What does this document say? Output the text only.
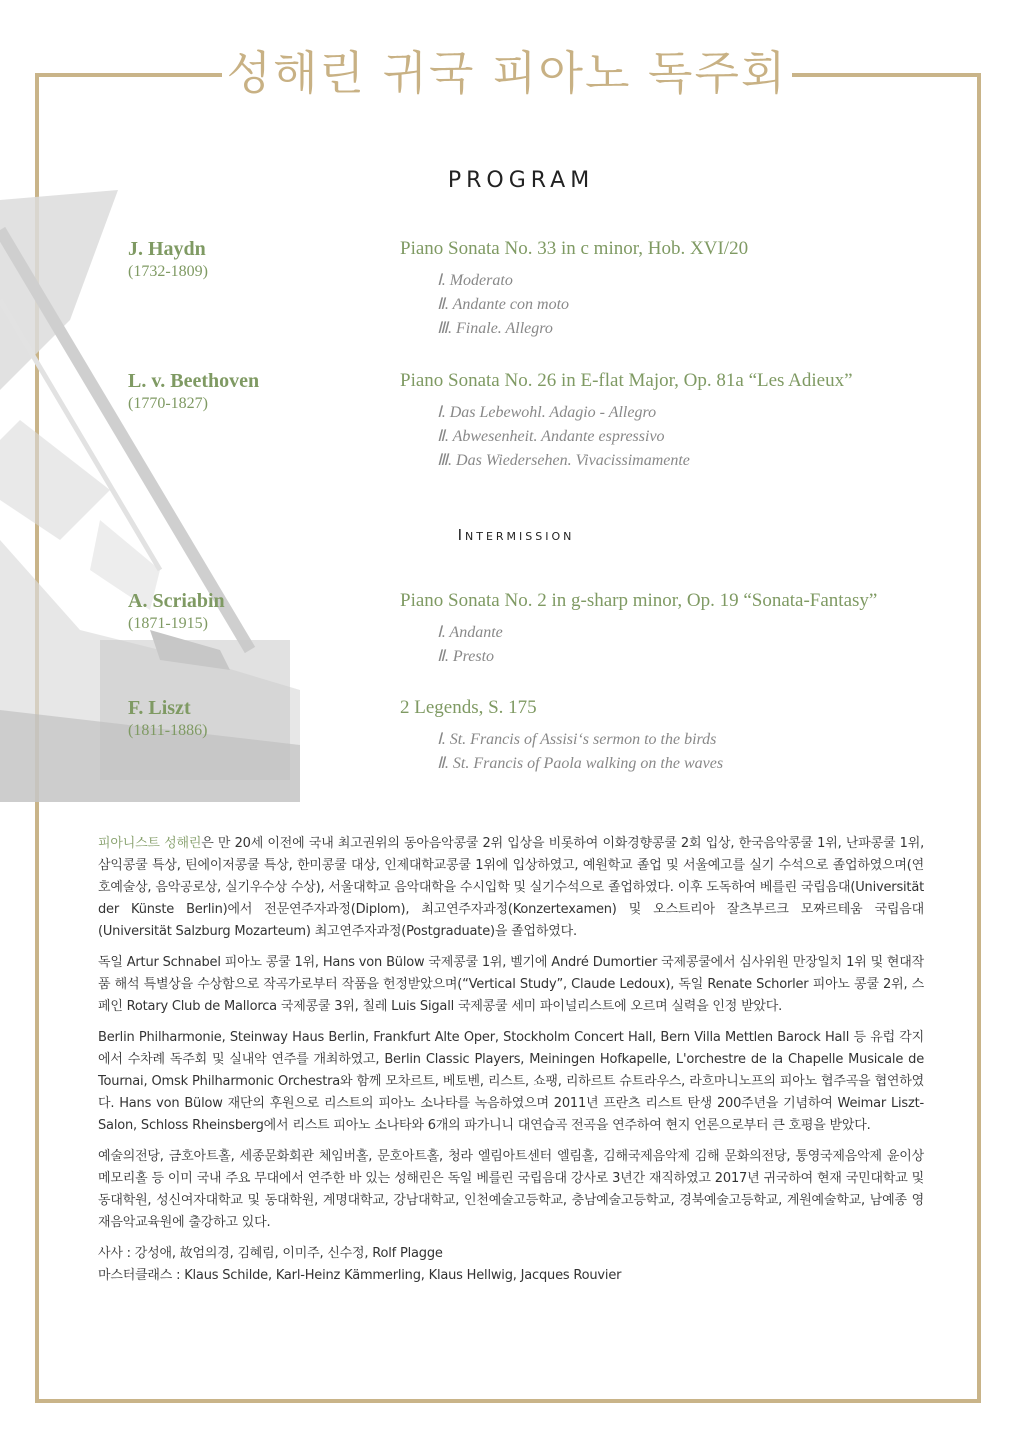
성해린 귀국 피아노 독주회
PROGRAM
J. Haydn
(1732-1809)
Piano Sonata No. 33 in c minor, Hob. XVI/20
Ⅰ. Moderato
Ⅱ. Andante con moto
Ⅲ. Finale. Allegro
L. v. Beethoven
(1770-1827)
Piano Sonata No. 26 in E-flat Major, Op. 81a “Les Adieux”
Ⅰ. Das Lebewohl. Adagio - Allegro
Ⅱ. Abwesenheit. Andante espressivo
Ⅲ. Das Wiedersehen. Vivacissimamente
Intermission
A. Scriabin
(1871-1915)
Piano Sonata No. 2 in g-sharp minor, Op. 19 “Sonata-Fantasy”
Ⅰ. Andante
Ⅱ. Presto
F. Liszt
(1811-1886)
2 Legends, S. 175
Ⅰ. St. Francis of Assisi‘s sermon to the birds
Ⅱ. St. Francis of Paola walking on the waves

피아니스트 성해린은 만 20세 이전에 국내 최고권위의 동아음악콩쿨 2위 입상을 비롯하여 이화경향콩쿨 2회 입상, 한국음악콩쿨 1위, 난파콩쿨 1위, 삼익콩쿨 특상, 틴에이저콩쿨 특상, 한미콩쿨 대상, 인제대학교콩쿨 1위에 입상하였고, 예원학교 졸업 및 서울예고를 실기 수석으로 졸업하였으며(연호예술상, 음악공로상, 실기우수상 수상), 서울대학교 음악대학을 수시입학 및 실기수석으로 졸업하였다. 이후 도독하여 베를린 국립음대(Universität der Künste Berlin)에서 전문연주자과정(Diplom), 최고연주자과정(Konzertexamen) 및 오스트리아 잘츠부르크 모짜르테움 국립음대(Universität Salzburg Mozarteum) 최고연주자과정(Postgraduate)을 졸업하였다.

독일 Artur Schnabel 피아노 콩쿨 1위, Hans von Bülow 국제콩쿨 1위, 벨기에 André Dumortier 국제콩쿨에서 심사위원 만장일치 1위 및 현대작품 해석 특별상을 수상함으로 작곡가로부터 작품을 헌정받았으며(“Vertical Study”, Claude Ledoux), 독일 Renate Schorler 피아노 콩쿨 2위, 스페인 Rotary Club de Mallorca 국제콩쿨 3위, 칠레 Luis Sigall 국제콩쿨 세미 파이널리스트에 오르며 실력을 인정 받았다.

Berlin Philharmonie, Steinway Haus Berlin, Frankfurt Alte Oper, Stockholm Concert Hall, Bern Villa Mettlen Barock Hall 등 유럽 각지에서 수차례 독주회 및 실내악 연주를 개최하였고, Berlin Classic Players, Meiningen Hofkapelle, L'orchestre de la Chapelle Musicale de Tournai, Omsk Philharmonic Orchestra와 함께 모차르트, 베토벤, 리스트, 쇼팽, 리하르트 슈트라우스, 라흐마니노프의 피아노 협주곡을 협연하였다. Hans von Bülow 재단의 후원으로 리스트의 피아노 소나타를 녹음하였으며 2011년 프란츠 리스트 탄생 200주년을 기념하여 Weimar Liszt-Salon, Schloss Rheinsberg에서 리스트 피아노 소나타와 6개의 파가니니 대연습곡 전곡을 연주하여 현지 언론으로부터 큰 호평을 받았다.

예술의전당, 금호아트홀, 세종문화회관 체임버홀, 문호아트홀, 청라 엘림아트센터 엘림홀, 김해국제음악제 김해 문화의전당, 통영국제음악제 윤이상 메모리홀 등 이미 국내 주요 무대에서 연주한 바 있는 성해린은 독일 베를린 국립음대 강사로 3년간 재직하였고 2017년 귀국하여 현재 국민대학교 및 동대학원, 성신여자대학교 및 동대학원, 계명대학교, 강남대학교, 인천예술고등학교, 충남예술고등학교, 경북예술고등학교, 계원예술학교, 남예종 영재음악교육원에 출강하고 있다.

사사 : 강성애, 故엄의경, 김혜림, 이미주, 신수정, Rolf Plagge
마스터클래스 : Klaus Schilde, Karl-Heinz Kämmerling, Klaus Hellwig, Jacques Rouvier
